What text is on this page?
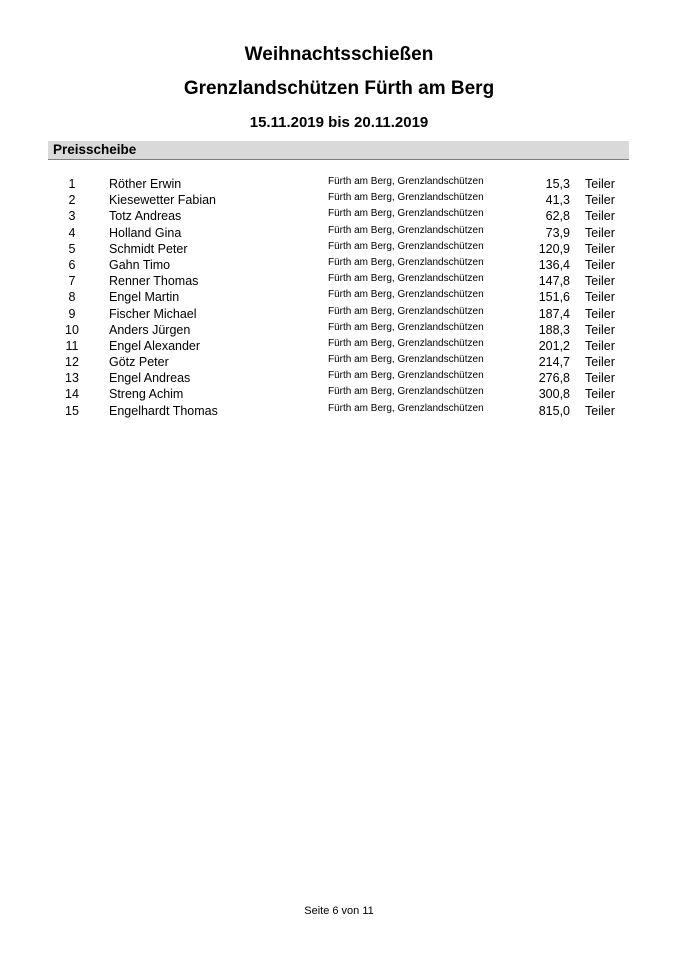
Weihnachtsschießen
Grenzlandschützen Fürth am Berg
15.11.2019 bis 20.11.2019
Preisscheibe
1	Röther Erwin	Fürth am Berg, Grenzlandschützen	15,3 Teiler
2	Kiesewetter Fabian	Fürth am Berg, Grenzlandschützen	41,3 Teiler
3	Totz Andreas	Fürth am Berg, Grenzlandschützen	62,8 Teiler
4	Holland Gina	Fürth am Berg, Grenzlandschützen	73,9 Teiler
5	Schmidt Peter	Fürth am Berg, Grenzlandschützen	120,9 Teiler
6	Gahn Timo	Fürth am Berg, Grenzlandschützen	136,4 Teiler
7	Renner Thomas	Fürth am Berg, Grenzlandschützen	147,8 Teiler
8	Engel Martin	Fürth am Berg, Grenzlandschützen	151,6 Teiler
9	Fischer Michael	Fürth am Berg, Grenzlandschützen	187,4 Teiler
10	Anders Jürgen	Fürth am Berg, Grenzlandschützen	188,3 Teiler
11	Engel Alexander	Fürth am Berg, Grenzlandschützen	201,2 Teiler
12	Götz Peter	Fürth am Berg, Grenzlandschützen	214,7 Teiler
13	Engel Andreas	Fürth am Berg, Grenzlandschützen	276,8 Teiler
14	Streng Achim	Fürth am Berg, Grenzlandschützen	300,8 Teiler
15	Engelhardt Thomas	Fürth am Berg, Grenzlandschützen	815,0 Teiler
Seite 6 von 11
